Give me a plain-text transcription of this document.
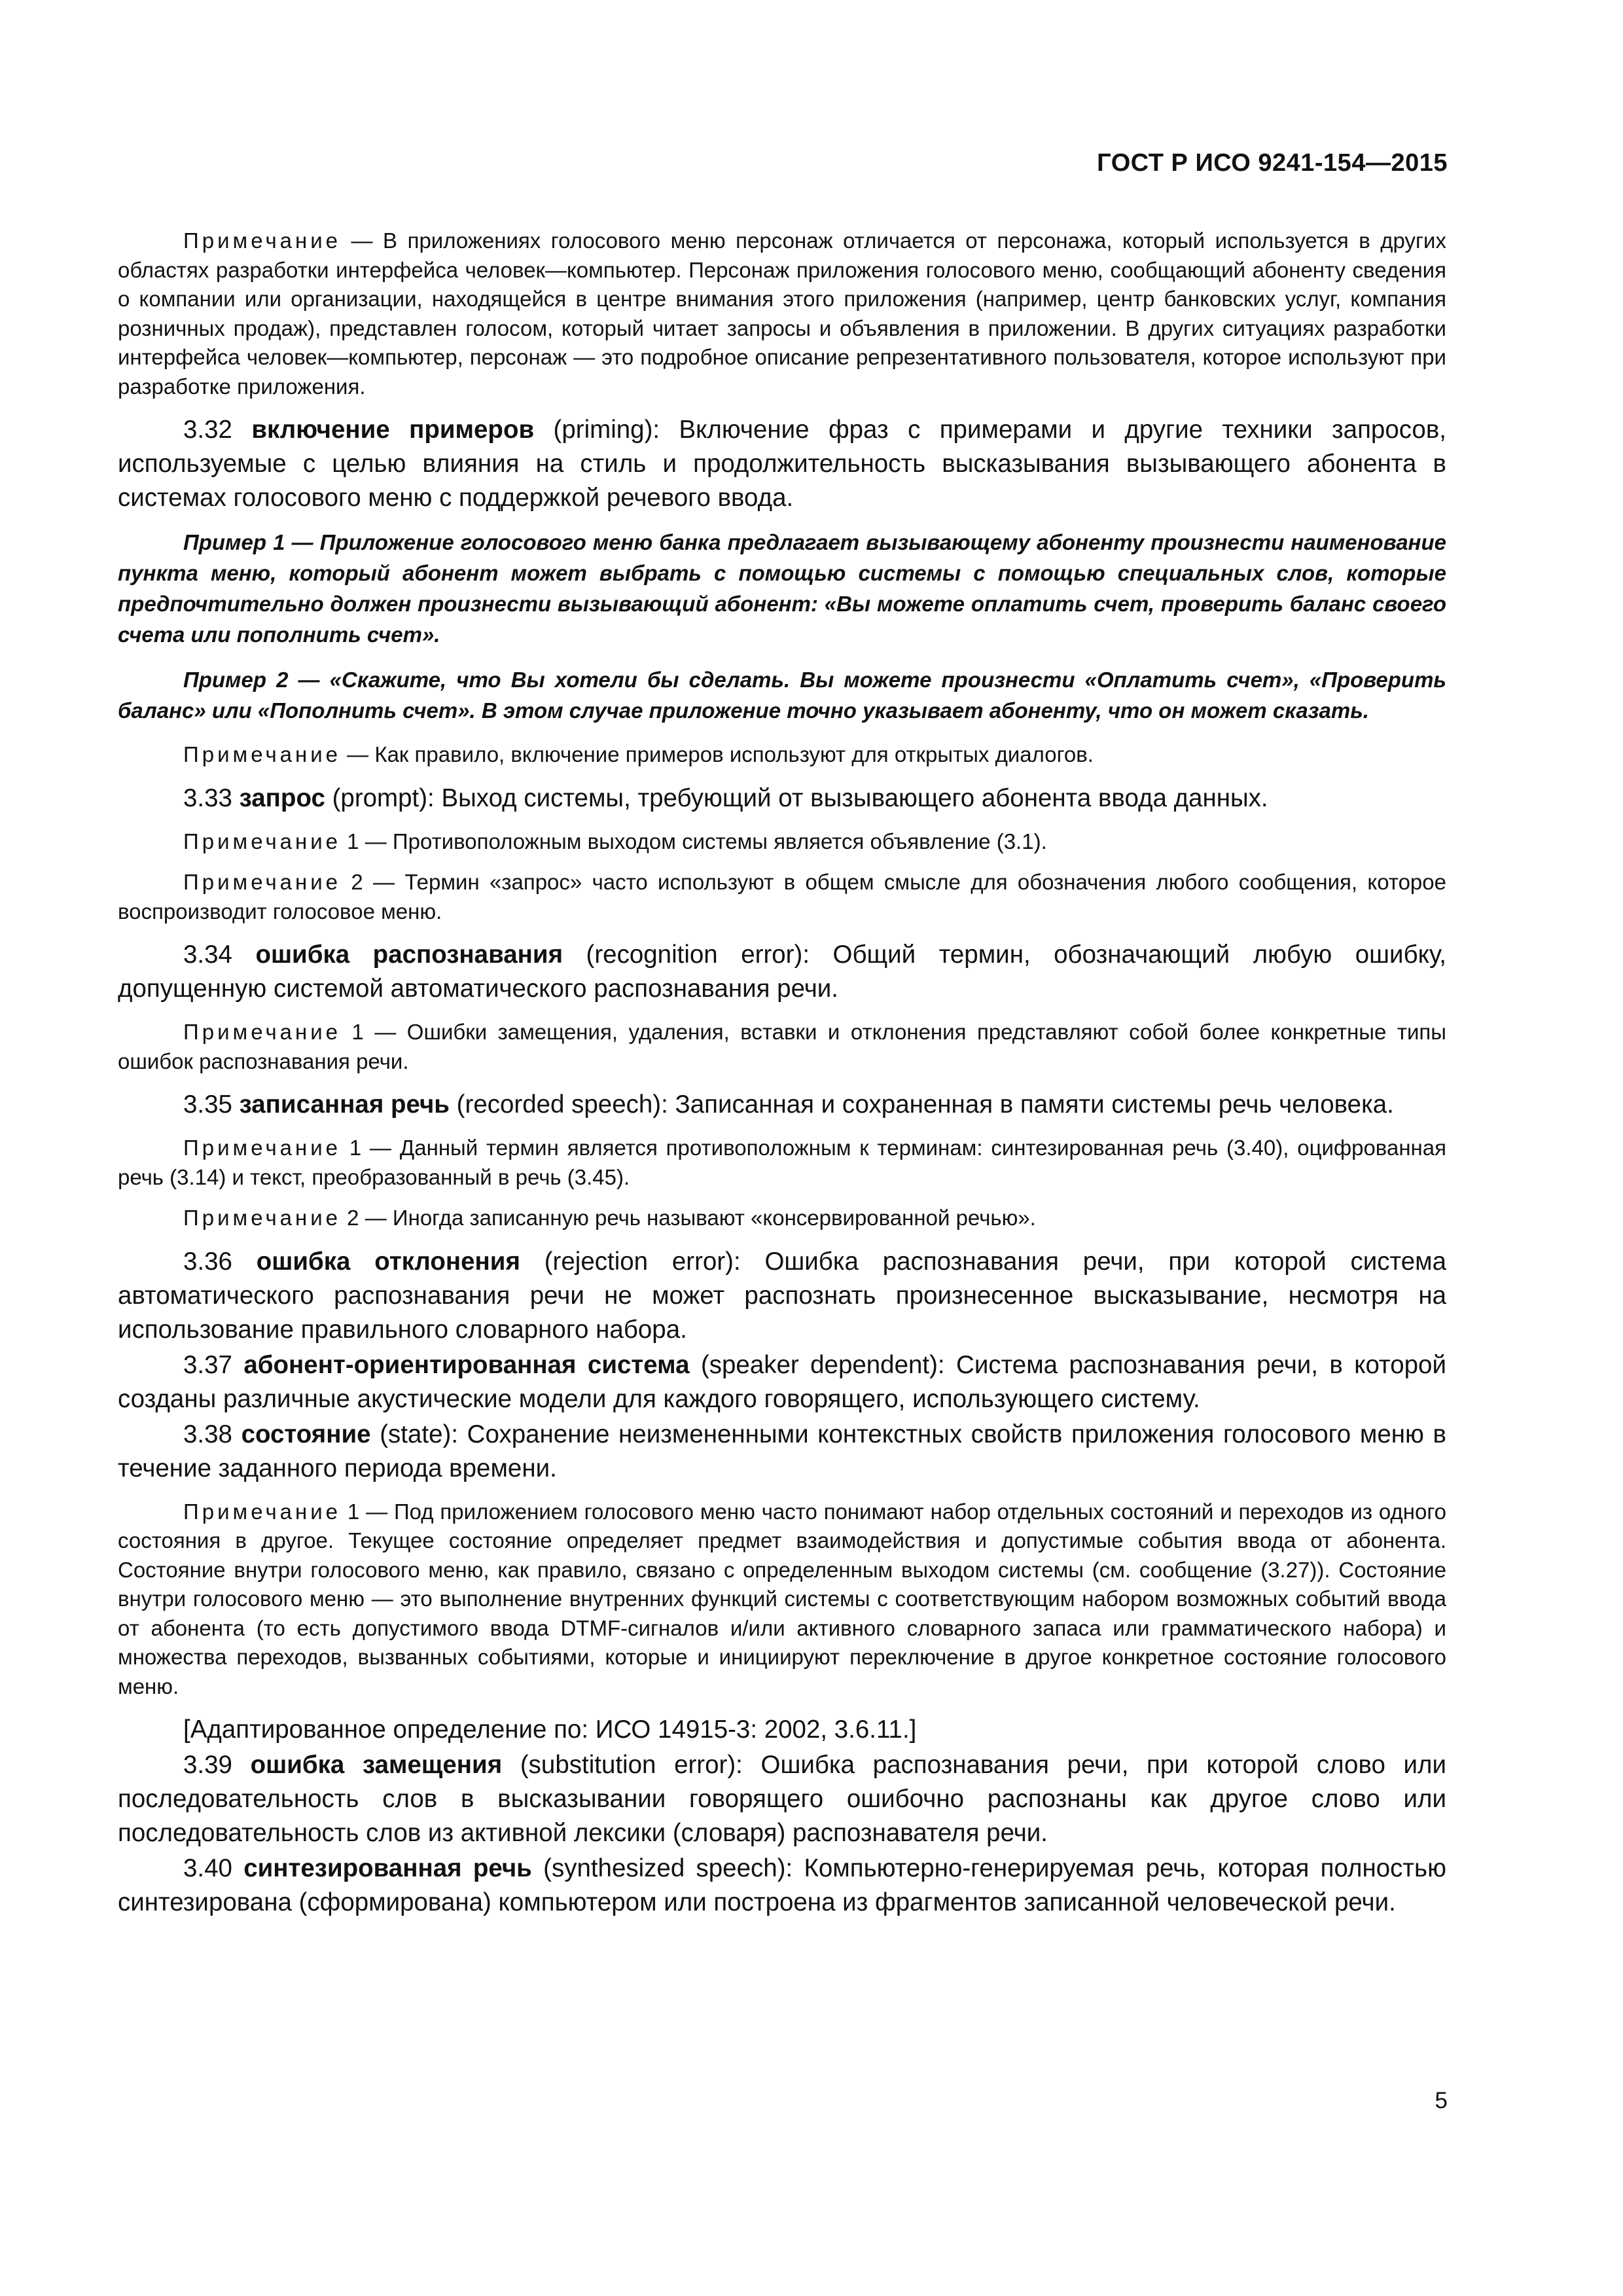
ГОСТ Р ИСО 9241-154—2015

Примечание — В приложениях голосового меню персонаж отличается от персонажа, который используется в других областях разработки интерфейса человек—компьютер. Персонаж приложения голосового меню, сообщающий абоненту сведения о компании или организации, находящейся в центре внимания этого приложения (например, центр банковских услуг, компания розничных продаж), представлен голосом, который читает запросы и объявления в приложении. В других ситуациях разработки интерфейса человек—компьютер, персонаж — это подробное описание репрезентативного пользователя, которое используют при разработке приложения.

3.32 включение примеров (priming): Включение фраз с примерами и другие техники запросов, используемые с целью влияния на стиль и продолжительность высказывания вызывающего абонента в системах голосового меню с поддержкой речевого ввода.

Пример 1 — Приложение голосового меню банка предлагает вызывающему абоненту произнести наименование пункта меню, который абонент может выбрать с помощью системы с помощью специальных слов, которые предпочтительно должен произнести вызывающий абонент: «Вы можете оплатить счет, проверить баланс своего счета или пополнить счет».

Пример 2 — «Скажите, что Вы хотели бы сделать. Вы можете произнести «Оплатить счет», «Проверить баланс» или «Пополнить счет». В этом случае приложение точно указывает абоненту, что он может сказать.

Примечание — Как правило, включение примеров используют для открытых диалогов.

3.33 запрос (prompt): Выход системы, требующий от вызывающего абонента ввода данных.

Примечание 1 — Противоположным выходом системы является объявление (3.1).

Примечание 2 — Термин «запрос» часто используют в общем смысле для обозначения любого сообщения, которое воспроизводит голосовое меню.

3.34 ошибка распознавания (recognition error): Общий термин, обозначающий любую ошибку, допущенную системой автоматического распознавания речи.

Примечание 1 — Ошибки замещения, удаления, вставки и отклонения представляют собой более конкретные типы ошибок распознавания речи.

3.35 записанная речь (recorded speech): Записанная и сохраненная в памяти системы речь человека.

Примечание 1 — Данный термин является противоположным к терминам: синтезированная речь (3.40), оцифрованная речь (3.14) и текст, преобразованный в речь (3.45).

Примечание 2 — Иногда записанную речь называют «консервированной речью».

3.36 ошибка отклонения (rejection error): Ошибка распознавания речи, при которой система автоматического распознавания речи не может распознать произнесенное высказывание, несмотря на использование правильного словарного набора.

3.37 абонент-ориентированная система (speaker dependent): Система распознавания речи, в которой созданы различные акустические модели для каждого говорящего, использующего систему.

3.38 состояние (state): Сохранение неизмененными контекстных свойств приложения голосового меню в течение заданного периода времени.

Примечание 1 — Под приложением голосового меню часто понимают набор отдельных состояний и переходов из одного состояния в другое. Текущее состояние определяет предмет взаимодействия и допустимые события ввода от абонента. Состояние внутри голосового меню, как правило, связано с определенным выходом системы (см. сообщение (3.27)). Состояние внутри голосового меню — это выполнение внутренних функций системы с соответствующим набором возможных событий ввода от абонента (то есть допустимого ввода DTMF-сигналов и/или активного словарного запаса или грамматического набора) и множества переходов, вызванных событиями, которые и инициируют переключение в другое конкретное состояние голосового меню.

[Адаптированное определение по: ИСО 14915-3: 2002, 3.6.11.]

3.39 ошибка замещения (substitution error): Ошибка распознавания речи, при которой слово или последовательность слов в высказывании говорящего ошибочно распознаны как другое слово или последовательность слов из активной лексики (словаря) распознавателя речи.

3.40 синтезированная речь (synthesized speech): Компьютерно-генерируемая речь, которая полностью синтезирована (сформирована) компьютером или построена из фрагментов записанной человеческой речи.

5
